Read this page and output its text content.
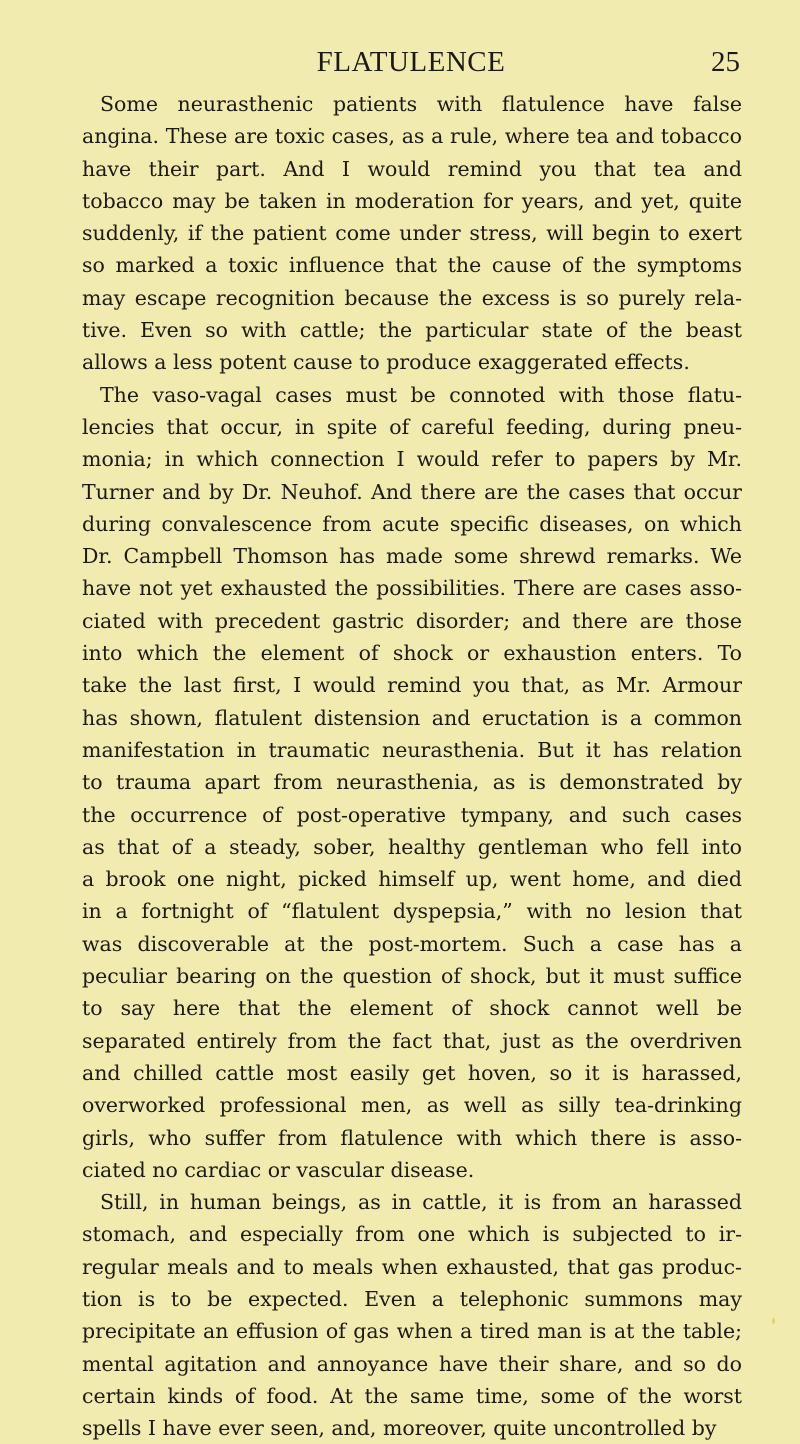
FLATULENCE	25
Some neurasthenic patients with flatulence have false
angina. These are toxic cases, as a rule, where tea and tobacco
have their part. And I would remind you that tea and
tobacco may be taken in moderation for years, and yet, quite
suddenly, if the patient come under stress, will begin to exert
so marked a toxic influence that the cause of the symptoms
may escape recognition because the excess is so purely rela-
tive. Even so with cattle; the particular state of the beast
allows a less potent cause to produce exaggerated effects.
The vaso-vagal cases must be connoted with those flatu-
lencies that occur, in spite of careful feeding, during pneu-
monia; in which connection I would refer to papers by Mr.
Turner and by Dr. Neuhof. And there are the cases that occur
during convalescence from acute specific diseases, on which
Dr. Campbell Thomson has made some shrewd remarks. We
have not yet exhausted the possibilities. There are cases asso-
ciated with precedent gastric disorder; and there are those
into which the element of shock or exhaustion enters. To
take the last first, I would remind you that, as Mr. Armour
has shown, flatulent distension and eructation is a common
manifestation in traumatic neurasthenia. But it has relation
to trauma apart from neurasthenia, as is demonstrated by
the occurrence of post-operative tympany, and such cases
as that of a steady, sober, healthy gentleman who fell into
a brook one night, picked himself up, went home, and died
in a fortnight of “flatulent dyspepsia,” with no lesion that
was discoverable at the post-mortem. Such a case has a
peculiar bearing on the question of shock, but it must suffice
to say here that the element of shock cannot well be
separated entirely from the fact that, just as the overdriven
and chilled cattle most easily get hoven, so it is harassed,
overworked professional men, as well as silly tea-drinking
girls, who suffer from flatulence with which there is asso-
ciated no cardiac or vascular disease.
Still, in human beings, as in cattle, it is from an harassed
stomach, and especially from one which is subjected to ir-
regular meals and to meals when exhausted, that gas produc-
tion is to be expected. Even a telephonic summons may
precipitate an effusion of gas when a tired man is at the table;
mental agitation and annoyance have their share, and so do
certain kinds of food. At the same time, some of the worst
spells I have ever seen, and, moreover, quite uncontrolled by
